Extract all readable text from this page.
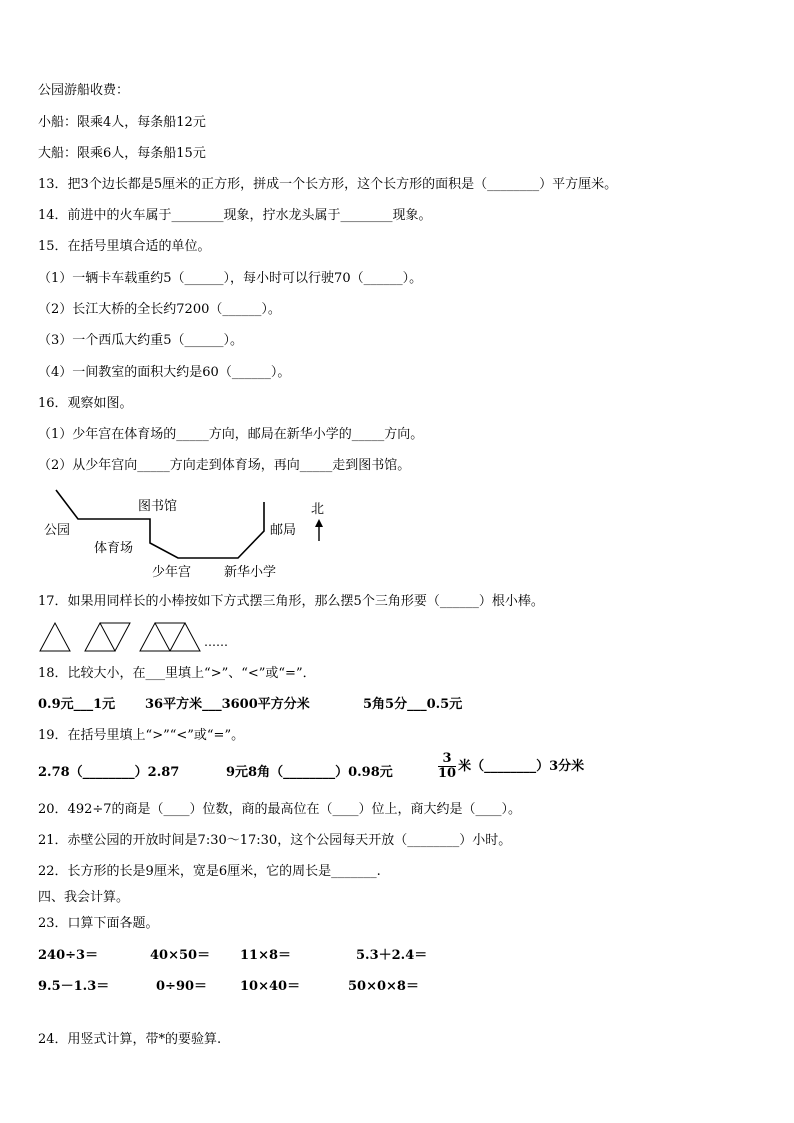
公园游船收费：
小船：限乘4人，每条船12元
大船：限乘6人，每条船15元
13．把3个边长都是5厘米的正方形，拼成一个长方形，这个长方形的面积是（________）平方厘米。
14．前进中的火车属于________现象，拧水龙头属于________现象。
15．在括号里填合适的单位。
（1）一辆卡车载重约5（______），每小时可以行驶70（______）。
（2）长江大桥的全长约7200（______）。
（3）一个西瓜大约重5（______）。
（4）一间教室的面积大约是60（______）。
16．观察如图。
（1）少年宫在体育场的_____方向，邮局在新华小学的_____方向。
（2）从少年宫向_____方向走到体育场，再向_____走到图书馆。
公园
图书馆
体育场
少年宫	新华小学
邮局
北
17．如果用同样长的小棒按如下方式摆三角形，那么摆5个三角形要（______）根小棒。
……
18．比较大小，在___里填上“>”、“<”或“=”．
0.9元___1元 36平方米___3600平方分米	5角5分___0.5元
19．在括号里填上“>”“<”或“=”。
2.78（________）2.87	9元8角（________）0.98元	$\frac{3}{10}$ 米（________）3分米
20．492÷7的商是（____）位数，商的最高位在（____）位上，商大约是（____）。
21．赤壁公园的开放时间是7:30～17:30，这个公园每天开放（________）小时。
22．长方形的长是9厘米，宽是6厘米，它的周长是_______.
四、我会计算。
23．口算下面各题。
240÷3＝	40×50＝ 11×8＝	5.3＋2.4＝
9.5－1.3＝	0÷90＝	10×40＝	50×0×8＝
24．用竖式计算，带*的要验算.
